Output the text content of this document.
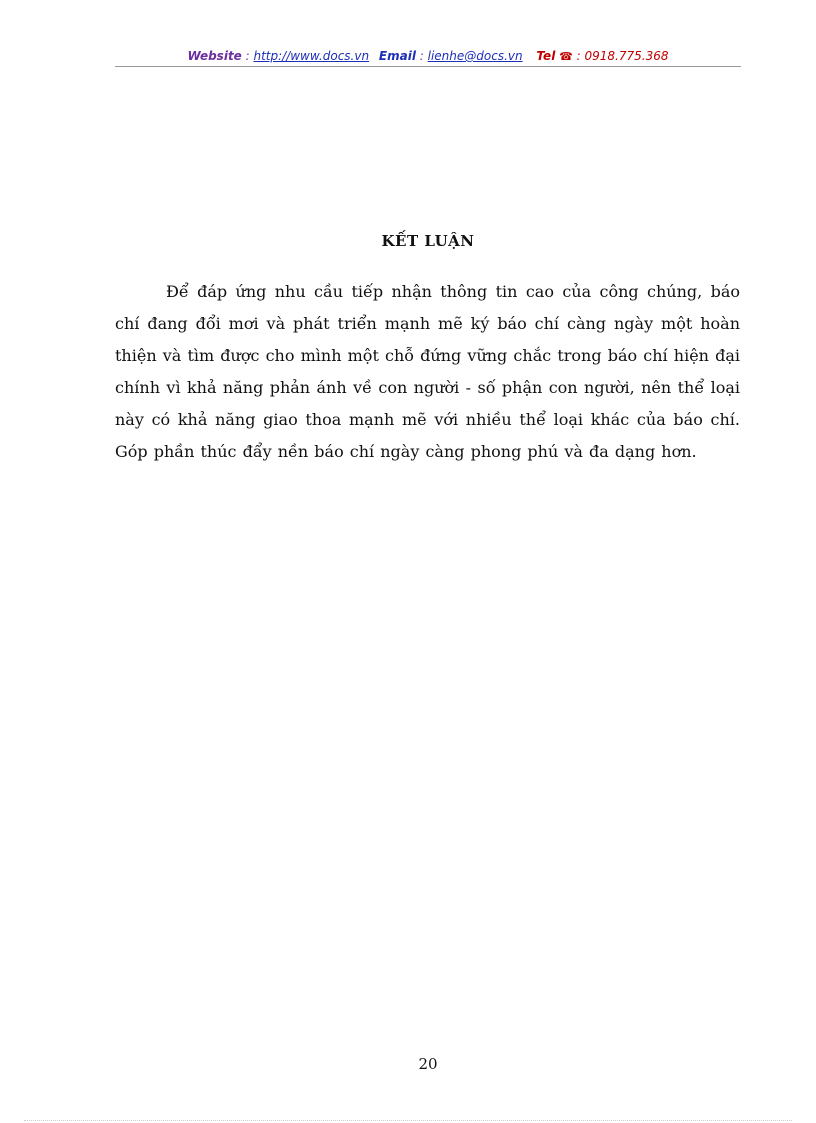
Website : http://www.docs.vn Email : lienhe@docs.vn Tel ☎ : 0918.775.368
KẾT LUẬN

Để đáp ứng nhu cầu tiếp nhận thông tin cao của công chúng, báo chí đang đổi mơi và phát triển mạnh mẽ ký báo chí càng ngày một hoàn thiện và tìm được cho mình một chỗ đứng vững chắc trong báo chí hiện đại chính vì khả năng phản ánh về con người - số phận con người, nên thể loại này có khả năng giao thoa mạnh mẽ với nhiều thể loại khác của báo chí. Góp phần thúc đẩy nền báo chí ngày càng phong phú và đa dạng hơn.

20
